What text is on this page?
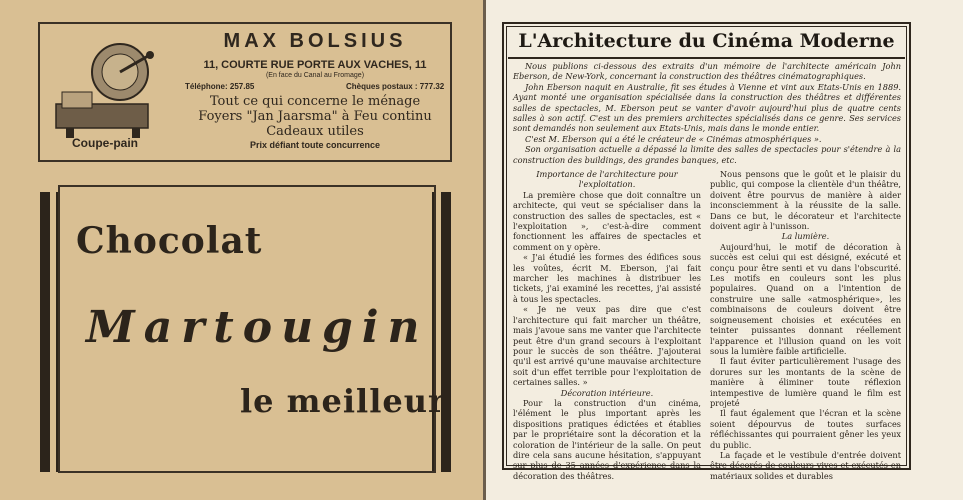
MAX BOLSIUS
11, COURTE RUE PORTE AUX VACHES, 11
(En face du Canal au Fromage)
Téléphone: 257.85	Chèques postaux : 777.32
Tout ce qui concerne le ménage
Foyers "Jan Jaarsma" à Feu continu
Cadeaux utiles
Prix défiant toute concurrence
Coupe-pain
Chocolat
Martougin
le meilleur
L'Architecture du Cinéma Moderne

Nous publions ci-dessous des extraits d'un mémoire de l'architecte américain John Eberson, de New-York, concernant la construction des théâtres cinématographiques.

John Eberson naquit en Australie, fit ses études à Vienne et vint aux Etats-Unis en 1889. Ayant monté une organisation spécialisée dans la construction des théâtres et différentes salles de spectacles, M. Eberson peut se vanter d'avoir aujourd'hui plus de quatre cents salles à son actif. C'est un des premiers architectes spécialisés dans ce genre. Ses services sont demandés non seulement aux Etats-Unis, mais dans le monde entier.

C'est M. Eberson qui a été le créateur de « Cinémas atmosphériques ».

Son organisation actuelle a dépassé la limite des salles de spectacles pour s'étendre à la construction des buildings, des grandes banques, etc.

Importance de l'architecture pour l'exploitation.

La première chose que doit connaître un architecte, qui veut se spécialiser dans la construction des salles de spectacles, est « l'exploitation », c'est-à-dire comment fonctionnent les affaires de spectacles et comment on y opère.

« J'ai étudié les formes des édifices sous les voûtes, écrit M. Eberson, j'ai fait marcher les machines à distribuer les tickets, j'ai examiné les recettes, j'ai assisté à tous les spectacles.

« Je ne veux pas dire que c'est l'architecture qui fait marcher un théâtre, mais j'avoue sans me vanter que l'architecte peut être d'un grand secours à l'exploitant pour le succès de son théâtre. J'ajouterai qu'il est arrivé qu'une mauvaise architecture soit d'un effet terrible pour l'exploitation de certaines salles. »

Décoration intérieure.

Pour la construction d'un cinéma, l'élément le plus important après les dispositions pratiques édictées et établies par le propriétaire sont la décoration et la coloration de l'intérieur de la salle. On peut dire cela sans aucune hésitation, s'appuyant sur plus de 35 années d'expérience dans la décoration des théâtres.

Nous pensons que le goût et le plaisir du public, qui compose la clientèle d'un théâtre, doivent être pourvus de manière à aider inconsciemment à la réussite de la salle. Dans ce but, le décorateur et l'architecte doivent agir à l'unisson.

La lumière.

Aujourd'hui, le motif de décoration à succès est celui qui est désigné, exécuté et conçu pour être senti et vu dans l'obscurité. Les motifs en couleurs sont les plus populaires. Quand on a l'intention de construire une salle «atmosphérique», les combinaisons de couleurs doivent être soigneusement choisies et exécutées en teinter puissantes donnant réellement l'apparence et l'illusion quand on les voit sous la lumière faible artificielle.

Il faut éviter particulièrement l'usage des dorures sur les montants de la scène de manière à éliminer toute réflexion intempestive de lumière quand le film est projeté

Il faut également que l'écran et la scène soient dépourvus de toutes surfaces réfléchissantes qui pourraient gêner les yeux du public.

La façade et le vestibule d'entrée doivent être décorés de couleurs vives et exécutés en matériaux solides et durables
